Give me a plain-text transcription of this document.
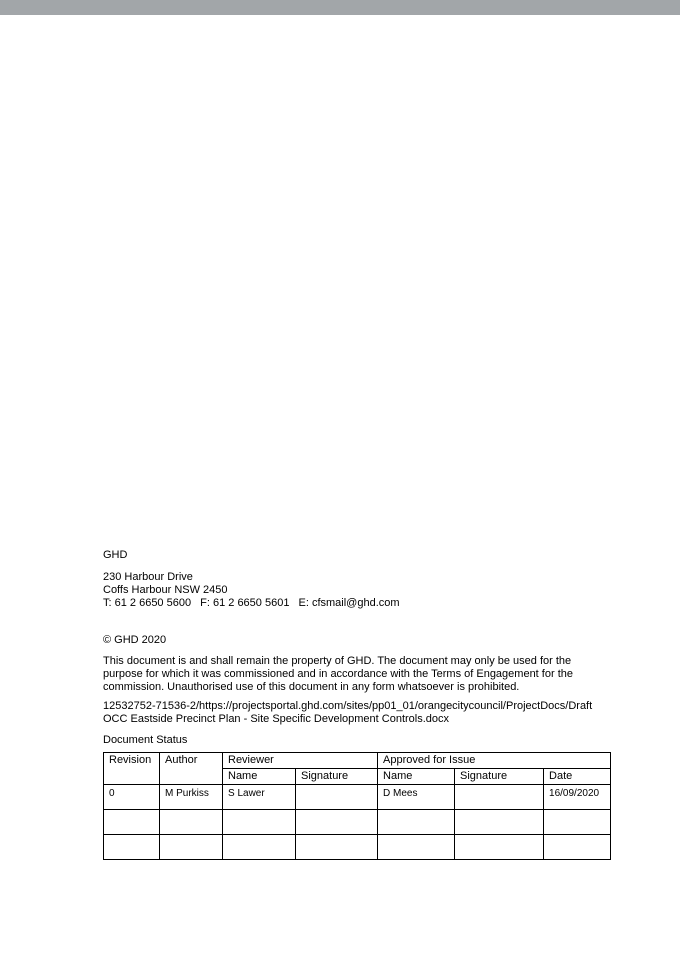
GHD

230 Harbour Drive

Coffs Harbour NSW 2450

T: 61 2 6650 5600 F: 61 2 6650 5601 E: cfsmail@ghd.com

© GHD 2020

This document is and shall remain the property of GHD. The document may only be used for the purpose for which it was commissioned and in accordance with the Terms of Engagement for the commission. Unauthorised use of this document in any form whatsoever is prohibited.

12532752-71536-2/https://projectsportal.ghd.com/sites/pp01_01/orangecitycouncil/ProjectDocs/Draft OCC Eastside Precinct Plan - Site Specific Development Controls.docx

Document Status

Revision	Author	Reviewer		Approved for Issue		
		Name	Signature	Name	Signature	Date
0	M Purkiss	S Lawer		D Mees		16/09/2020
